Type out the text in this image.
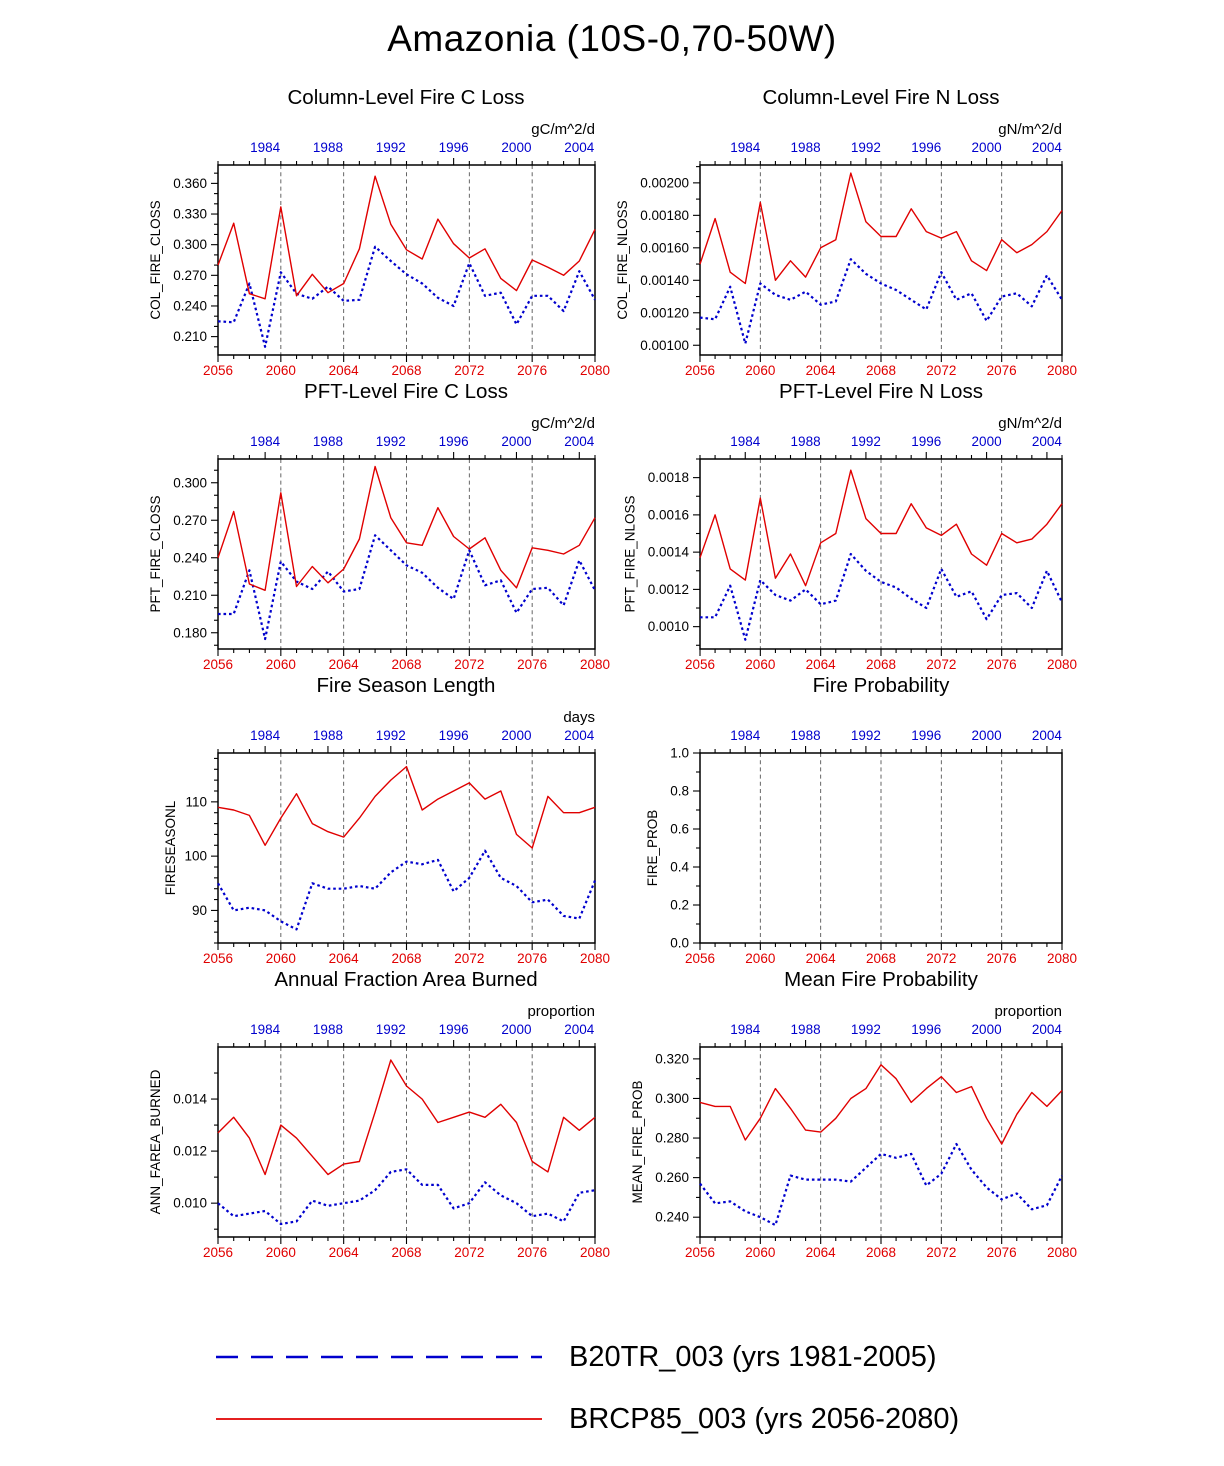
Amazonia (10S-0,70-50W)
Column-Level Fire C Loss
gC/m^2/d
2056 2060 2064 2068 2072 2076 2080
1984 1988 1992 1996 2000 2004
0.210
0.240
0.270
0.300
0.330
0.360
COL_FIRE_CLOSS
Column-Level Fire N Loss
gN/m^2/d
2056 2060 2064 2068 2072 2076 2080
1984 1988 1992 1996 2000 2004
0.00100
0.00120
0.00140
0.00160
0.00180
0.00200
COL_FIRE_NLOSS
PFT-Level Fire C Loss
gC/m^2/d
2056 2060 2064 2068 2072 2076 2080
1984 1988 1992 1996 2000 2004
0.180
0.210
0.240
0.270
0.300
PFT_FIRE_CLOSS
PFT-Level Fire N Loss
gN/m^2/d
2056 2060 2064 2068 2072 2076 2080
1984 1988 1992 1996 2000 2004
0.0010
0.0012
0.0014
0.0016
0.0018
PFT_FIRE_NLOSS
Fire Season Length
days
2056 2060 2064 2068 2072 2076 2080
1984 1988 1992 1996 2000 2004
90
100
110
FIRESEASONL
Fire Probability
2056 2060 2064 2068 2072 2076 2080
1984 1988 1992 1996 2000 2004
0.0
0.2
0.4
0.6
0.8
1.0
FIRE_PROB
Annual Fraction Area Burned
proportion
2056 2060 2064 2068 2072 2076 2080
1984 1988 1992 1996 2000 2004
0.010
0.012
0.014
ANN_FAREA_BURNED
Mean Fire Probability
proportion
2056 2060 2064 2068 2072 2076 2080
1984 1988 1992 1996 2000 2004
0.240
0.260
0.280
0.300
0.320
MEAN_FIRE_PROB
B20TR_003 (yrs 1981-2005)
BRCP85_003 (yrs 2056-2080)
